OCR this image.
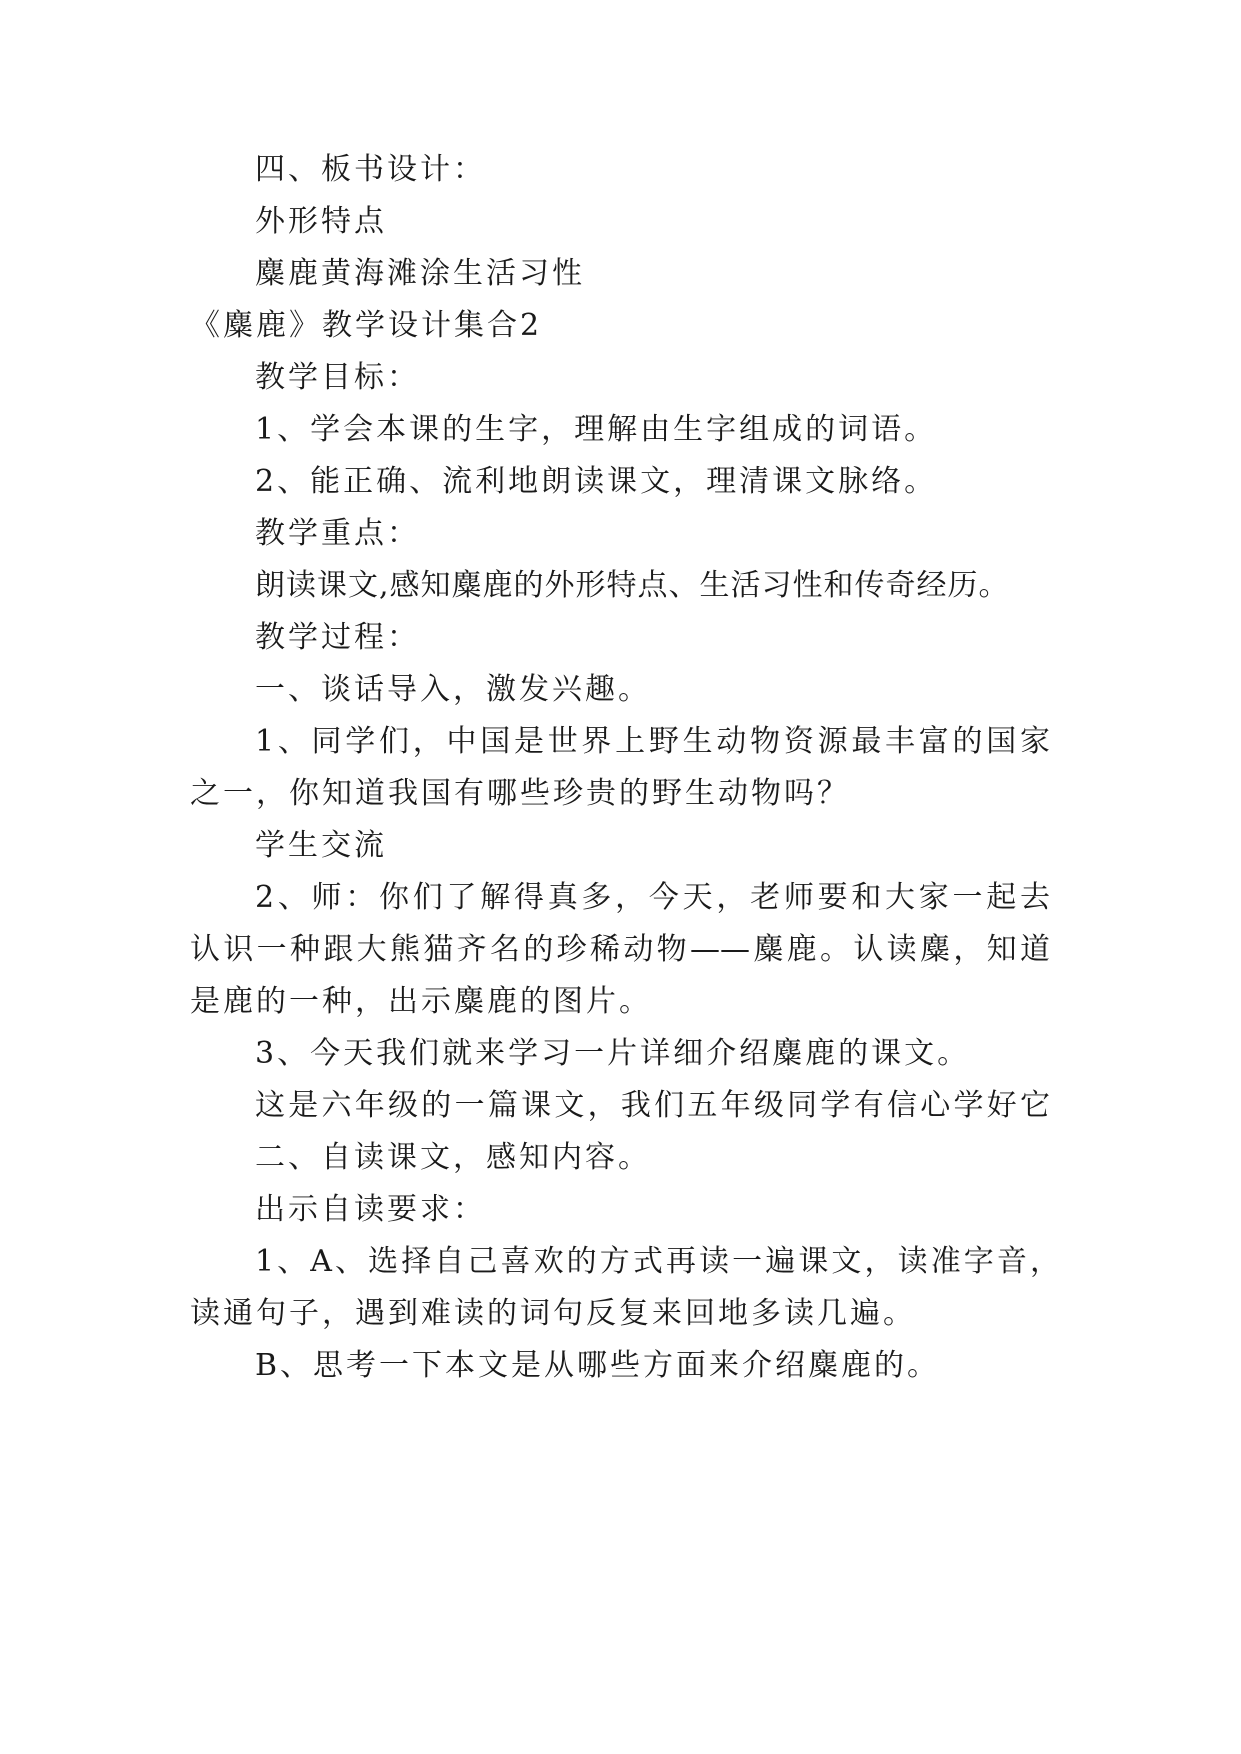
四、板书设计：
外形特点
麋鹿黄海滩涂生活习性
《麋鹿》教学设计集合2
教学目标：
1、学会本课的生字，理解由生字组成的词语。
2、能正确、流利地朗读课文，理清课文脉络。
教学重点：
朗读课文,感知麋鹿的外形特点、生活习性和传奇经历。
教学过程：
一、谈话导入，激发兴趣。
1、同学们，中国是世界上野生动物资源最丰富的国家
之一，你知道我国有哪些珍贵的野生动物吗？
学生交流
2、师：你们了解得真多，今天，老师要和大家一起去
认识一种跟大熊猫齐名的珍稀动物——麋鹿。认读麋，知道
是鹿的一种，出示麋鹿的图片。
3、今天我们就来学习一片详细介绍麋鹿的课文。
这是六年级的一篇课文，我们五年级同学有信心学好它
二、自读课文，感知内容。
出示自读要求：
1、A、选择自己喜欢的方式再读一遍课文，读准字音，
读通句子，遇到难读的词句反复来回地多读几遍。
B、思考一下本文是从哪些方面来介绍麋鹿的。
